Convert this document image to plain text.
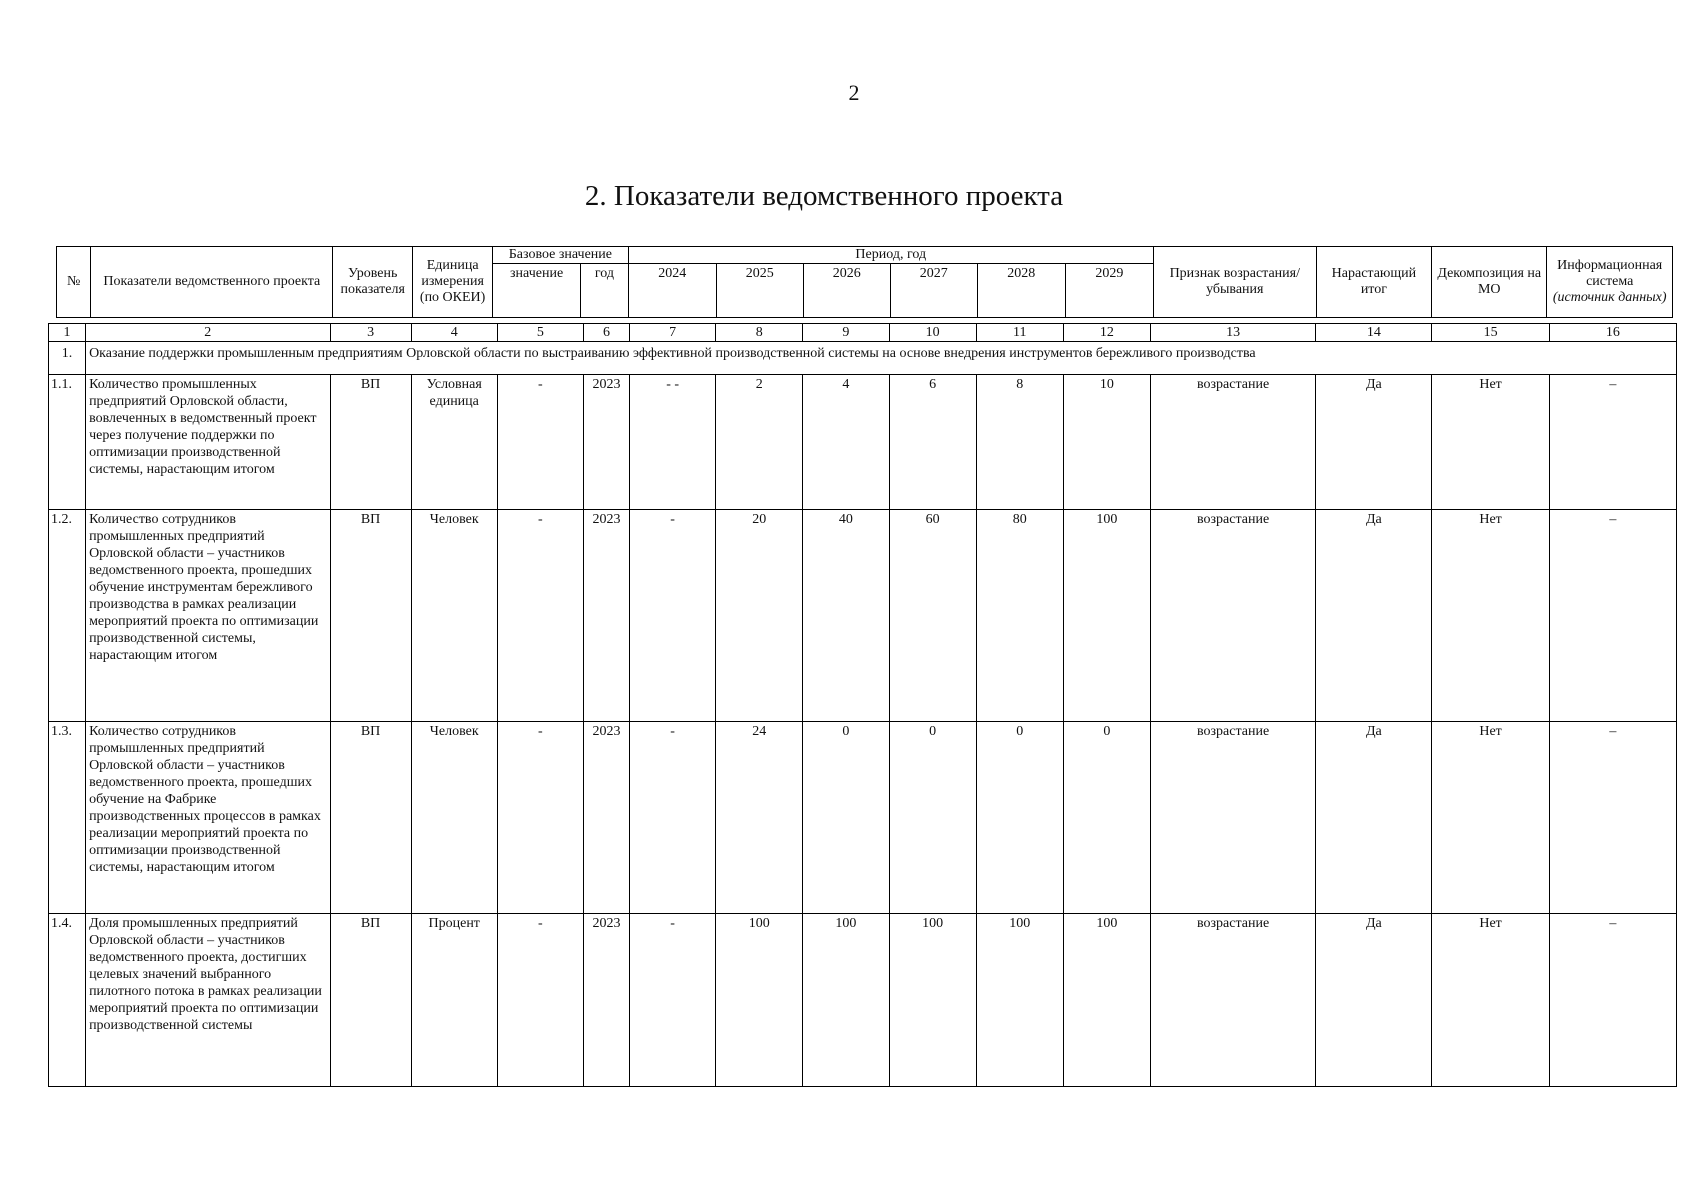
2
2. Показатели ведомственного проекта
№	Показатели ведомственного проекта	Уровень показателя	Единица измерения (по ОКЕИ)	Базовое значение		Период, год						Признак возрастания/убывания	Нарастающий итог	Декомпозиция на МО	Информационная система
(источник данных)

				значение	год	2024	2025	2026	2027	2028	2029				
1	2	3	4	5	6	7	8	9	10	11	12	13	14	15	16
1.	Оказание поддержки промышленным предприятиям Орловской области по выстраиванию эффективной производственной системы на основе внедрения инструментов бережливого производства														
1.1.	Количество промышленных предприятий Орловской области, вовлеченных в ведомственный проект через получение поддержки по оптимизации производственной системы, нарастающим итогом	ВП	Условная единица	-	2023	- -	2	4	6	8	10	возрастание	Да	Нет	–
1.2.	Количество сотрудников промышленных предприятий Орловской области – участников ведомственного проекта, прошедших обучение инструментам бережливого производства в рамках реализации мероприятий проекта по оптимизации производственной системы, нарастающим итогом	ВП	Человек	-	2023	-	20	40	60	80	100	возрастание	Да	Нет	–
1.3.	Количество сотрудников промышленных предприятий Орловской области – участников ведомственного проекта, прошедших обучение на Фабрике производственных процессов в рамках реализации мероприятий проекта по оптимизации производственной системы, нарастающим итогом	ВП	Человек	-	2023	-	24	0	0	0	0	возрастание	Да	Нет	–
1.4.	Доля промышленных предприятий Орловской области – участников ведомственного проекта, достигших целевых значений выбранного пилотного потока в рамках реализации мероприятий проекта по оптимизации производственной системы	ВП	Процент	-	2023	-	100	100	100	100	100	возрастание	Да	Нет	–
